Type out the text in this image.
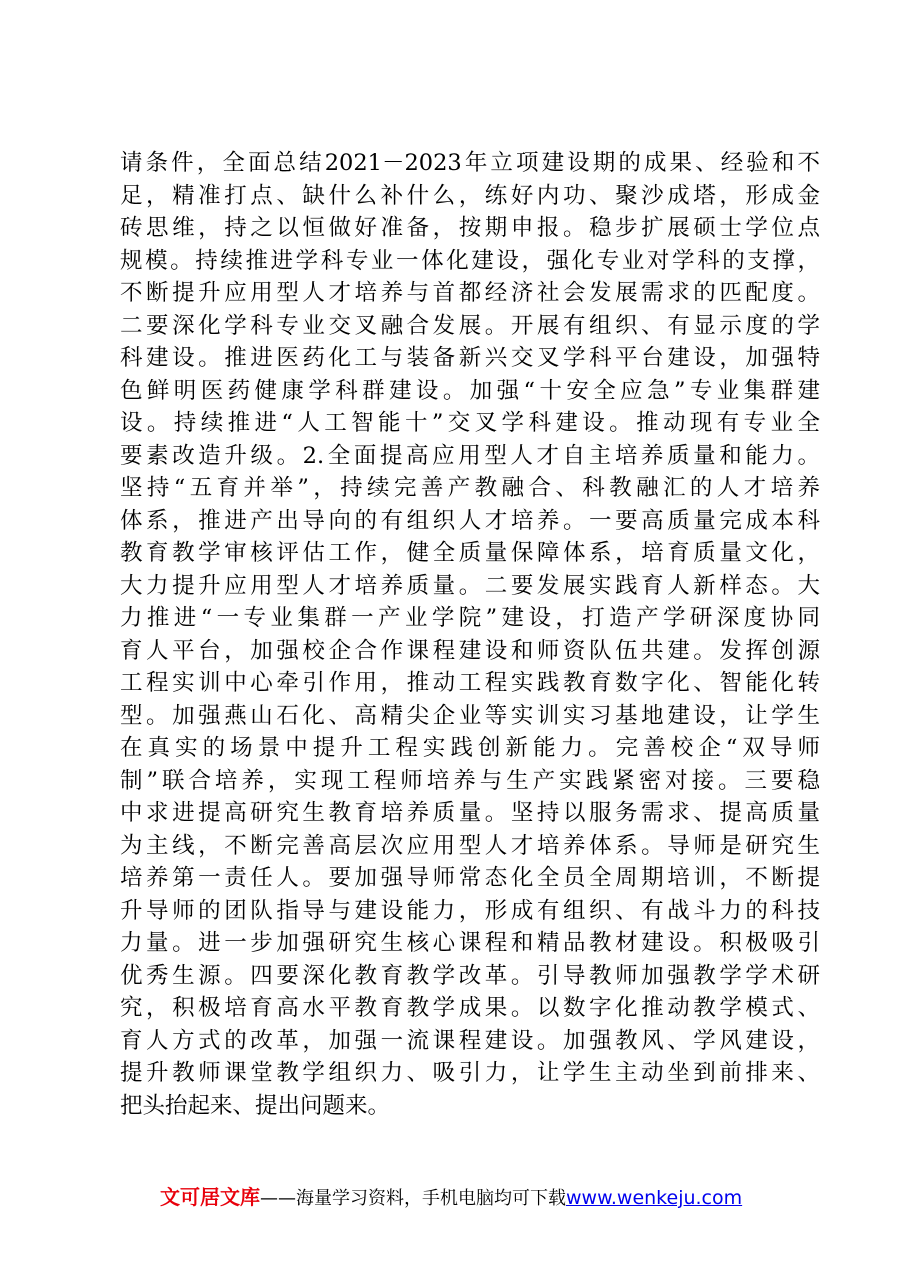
请条件，全面总结2021－2023年立项建设期的成果、经验和不
足，精准打点、缺什么补什么，练好内功、聚沙成塔，形成金
砖思维，持之以恒做好准备，按期申报。稳步扩展硕士学位点
规模。持续推进学科专业一体化建设，强化专业对学科的支撑，
不断提升应用型人才培养与首都经济社会发展需求的匹配度。
二要深化学科专业交叉融合发展。开展有组织、有显示度的学
科建设。推进医药化工与装备新兴交叉学科平台建设，加强特
色鲜明医药健康学科群建设。加强“十安全应急”专业集群建
设。持续推进“人工智能十”交叉学科建设。推动现有专业全
要素改造升级。2.全面提高应用型人才自主培养质量和能力。
坚持“五育并举”，持续完善产教融合、科教融汇的人才培养
体系，推进产出导向的有组织人才培养。一要高质量完成本科
教育教学审核评估工作，健全质量保障体系，培育质量文化，
大力提升应用型人才培养质量。二要发展实践育人新样态。大
力推进“一专业集群一产业学院”建设，打造产学研深度协同
育人平台，加强校企合作课程建设和师资队伍共建。发挥创源
工程实训中心牵引作用，推动工程实践教育数字化、智能化转
型。加强燕山石化、高精尖企业等实训实习基地建设，让学生
在真实的场景中提升工程实践创新能力。完善校企“双导师
制”联合培养，实现工程师培养与生产实践紧密对接。三要稳
中求进提高研究生教育培养质量。坚持以服务需求、提高质量
为主线，不断完善高层次应用型人才培养体系。导师是研究生
培养第一责任人。要加强导师常态化全员全周期培训，不断提
升导师的团队指导与建设能力，形成有组织、有战斗力的科技
力量。进一步加强研究生核心课程和精品教材建设。积极吸引
优秀生源。四要深化教育教学改革。引导教师加强教学学术研
究，积极培育高水平教育教学成果。以数字化推动教学模式、
育人方式的改革，加强一流课程建设。加强教风、学风建设，
提升教师课堂教学组织力、吸引力，让学生主动坐到前排来、
把头抬起来、提出问题来。
文可居文库——海量学习资料，手机电脑均可下载www.wenkeju.com
